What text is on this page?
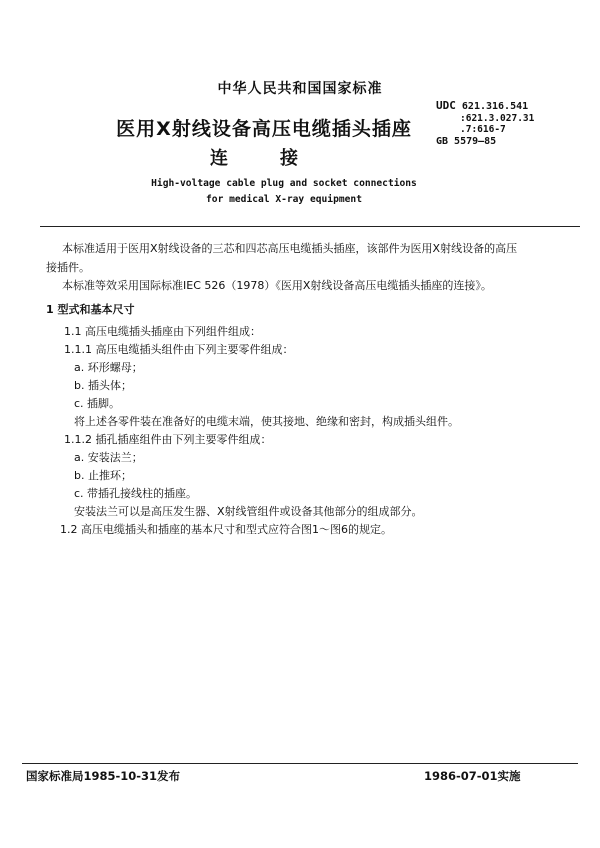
中华人民共和国国家标准
UDC 621.316.541
:621.3.027.31
.7:616-7
GB 5579—85
医用X射线设备高压电缆插头插座
连接
High-voltage cable plug and socket connections
for medical X-ray equipment
本标准适用于医用X射线设备的三芯和四芯高压电缆插头插座，该部件为医用X射线设备的高压
接插件。
本标准等效采用国际标准IEC 526（1978）《医用X射线设备高压电缆插头插座的连接》。
1 型式和基本尺寸
1.1 高压电缆插头插座由下列组件组成：
1.1.1 高压电缆插头组件由下列主要零件组成：
a. 环形螺母；
b. 插头体；
c. 插脚。
将上述各零件装在准备好的电缆末端，使其接地、绝缘和密封，构成插头组件。
1.1.2 插孔插座组件由下列主要零件组成：
a. 安装法兰；
b. 止推环；
c. 带插孔接线柱的插座。
安装法兰可以是高压发生器、X射线管组件或设备其他部分的组成部分。
1.2 高压电缆插头和插座的基本尺寸和型式应符合图1～图6的规定。
国家标准局1985-10-31发布	1986-07-01实施
